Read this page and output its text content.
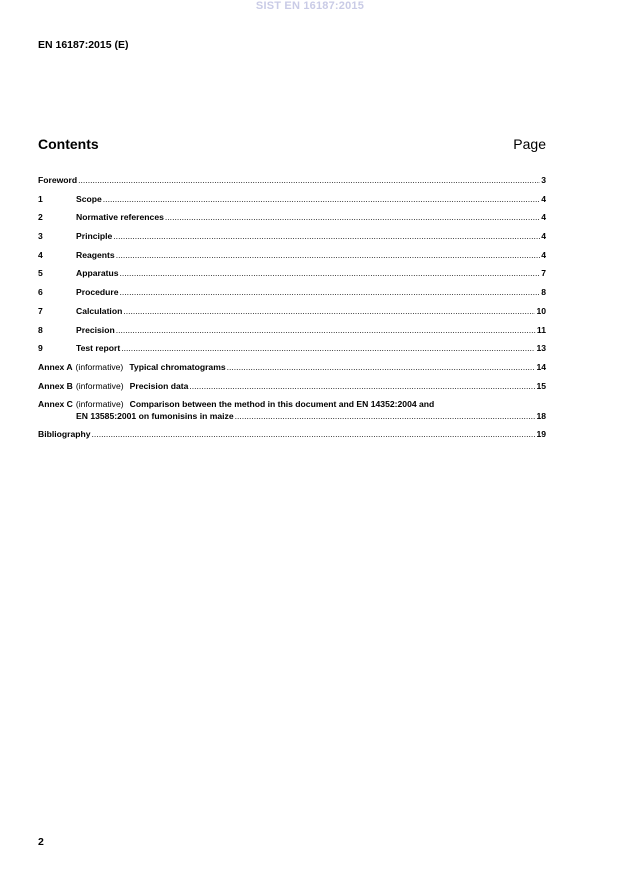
SIST EN 16187:2015
EN 16187:2015 (E)
Contents	Page
Foreword .....	3
1	Scope .....	4
2	Normative references .....	4
3	Principle .....	4
4	Reagents .....	4
5	Apparatus .....	7
6	Procedure .....	8
7	Calculation .....	10
8	Precision .....	11
9	Test report .....	13
Annex A (informative) Typical chromatograms .....	14
Annex B (informative) Precision data .....	15
Annex C (informative) Comparison between the method in this document and EN 14352:2004 and
EN 13585:2001 on fumonisins in maize .....	18
Bibliography .....	19
2
